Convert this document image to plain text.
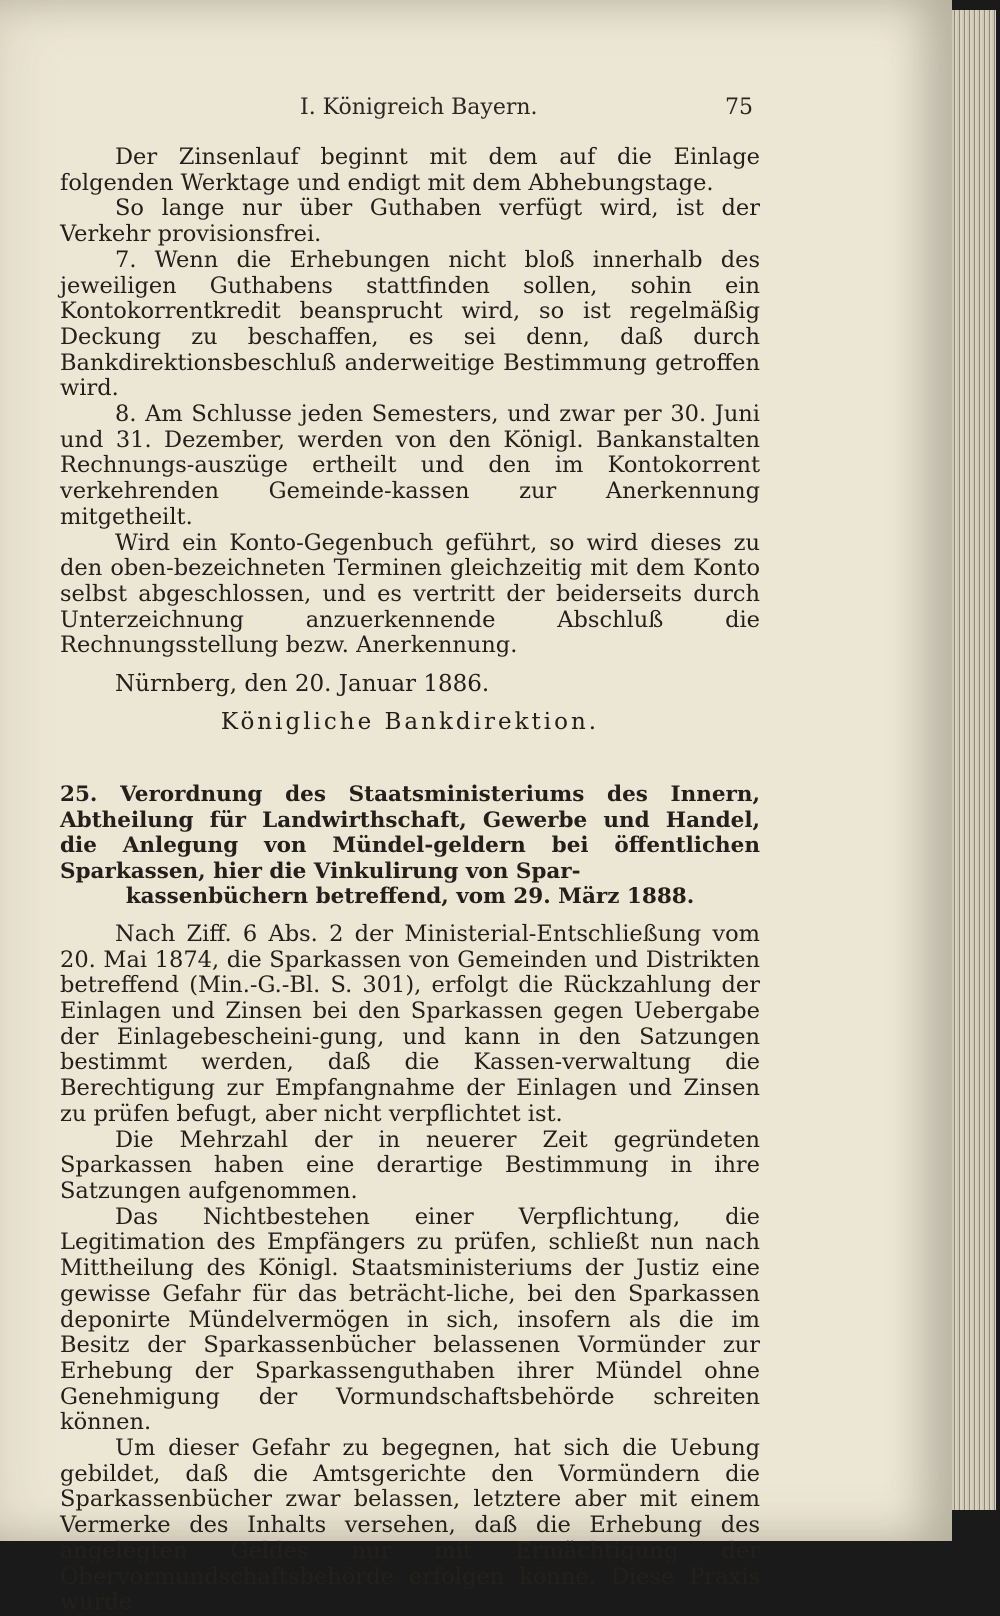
I. Königreich Bayern.	75

Der Zinsenlauf beginnt mit dem auf die Einlage folgenden Werktage und endigt mit dem Abhebungstage.

So lange nur über Guthaben verfügt wird, ist der Verkehr provisionsfrei.

7. Wenn die Erhebungen nicht bloß innerhalb des jeweiligen Guthabens stattfinden sollen, sohin ein Kontokorrentkredit beansprucht wird, so ist regelmäßig Deckung zu beschaffen, es sei denn, daß durch Bankdirektionsbeschluß anderweitige Bestimmung getroffen wird.

8. Am Schlusse jeden Semesters, und zwar per 30. Juni und 31. Dezember, werden von den Königl. Bankanstalten Rechnungs-auszüge ertheilt und den im Kontokorrent verkehrenden Gemeinde-kassen zur Anerkennung mitgetheilt.

Wird ein Konto-Gegenbuch geführt, so wird dieses zu den oben-bezeichneten Terminen gleichzeitig mit dem Konto selbst abgeschlossen, und es vertritt der beiderseits durch Unterzeichnung anzuerkennende Abschluß die Rechnungsstellung bezw. Anerkennung.

Nürnberg, den 20. Januar 1886.

Königliche Bankdirektion.

25. Verordnung des Staatsministeriums des Innern, Abtheilung für Landwirthschaft, Gewerbe und Handel, die Anlegung von Mündel-geldern bei öffentlichen Sparkassen, hier die Vinkulirung von Spar-
kassenbüchern betreffend, vom 29. März 1888.

Nach Ziff. 6 Abs. 2 der Ministerial-Entschließung vom 20. Mai 1874, die Sparkassen von Gemeinden und Distrikten betreffend (Min.-G.-Bl. S. 301), erfolgt die Rückzahlung der Einlagen und Zinsen bei den Sparkassen gegen Uebergabe der Einlagebescheini-gung, und kann in den Satzungen bestimmt werden, daß die Kassen-verwaltung die Berechtigung zur Empfangnahme der Einlagen und Zinsen zu prüfen befugt, aber nicht verpflichtet ist.

Die Mehrzahl der in neuerer Zeit gegründeten Sparkassen haben eine derartige Bestimmung in ihre Satzungen aufgenommen.

Das Nichtbestehen einer Verpflichtung, die Legitimation des Empfängers zu prüfen, schließt nun nach Mittheilung des Königl. Staatsministeriums der Justiz eine gewisse Gefahr für das beträcht-liche, bei den Sparkassen deponirte Mündelvermögen in sich, insofern als die im Besitz der Sparkassenbücher belassenen Vormünder zur Erhebung der Sparkassenguthaben ihrer Mündel ohne Genehmigung der Vormundschaftsbehörde schreiten können.

Um dieser Gefahr zu begegnen, hat sich die Uebung gebildet, daß die Amtsgerichte den Vormündern die Sparkassenbücher zwar belassen, letztere aber mit einem Vermerke des Inhalts versehen, daß die Erhebung des angelegten Geldes nur mit Ermächtigung der Obervormundschaftsbehörde erfolgen könne. Diese Praxis wurde
